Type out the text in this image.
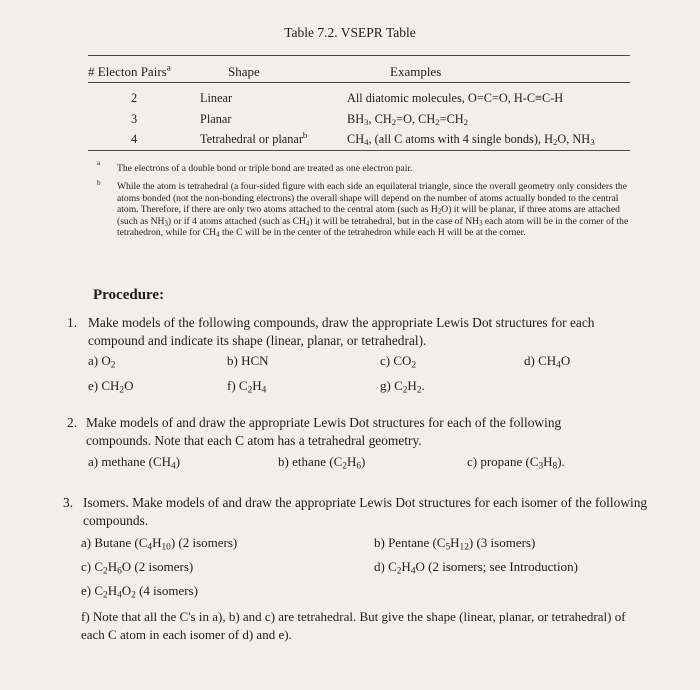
Table 7.2. VSEPR Table
# Electon Pairs$^a$	Shape	Examples
2	Linear	All diatomic molecules, O=C=O, H-C≡C-H
3	Planar	$BH_3$, $CH_2=O$, $CH_2=CH_2$
4	Tetrahedral or planar$^b$	$CH_4$, (all C atoms with 4 single bonds), $H_2O$, $NH_3$
a The electrons of a double bond or triple bond are treated as one electron pair.
b While the atom is tetrahedral (a four-sided figure with each side an equilateral triangle, since the overall geometry only considers the atoms bonded (not the non-bonding electrons) the overall shape will depend on the number of atoms actually bonded to the central atom. Therefore, if there are only two atoms attached to the central atom (such as $H_2O$) it will be planar, if three atoms are attached (such as $NH_3$) or if 4 atoms attached (such as $CH_4$) it will be tetrahedral, but in the case of $NH_3$ each atom will be in the corner of the tetrahedron, while for $CH_4$ the C will be in the center of the tetrahedron while each H will be at the corner.
Procedure:
1. Make models of the following compounds, draw the appropriate Lewis Dot structures for each compound and indicate its shape (linear, planar, or tetrahedral).
a) $O_2$	b) HCN	c) $CO_2$	d) $CH_4O$
e) $CH_2O$	f) $C_2H_4$	g) $C_2H_2$.
2. Make models of and draw the appropriate Lewis Dot structures for each of the following compounds. Note that each C atom has a tetrahedral geometry.
a) methane $(CH_4)$	b) ethane $(C_2H_6)$	c) propane $(C_3H_8)$.
3. Isomers. Make models of and draw the appropriate Lewis Dot structures for each isomer of the following compounds.
a) Butane $(C_4H_{10})$ (2 isomers)	b) Pentane $(C_5H_{12})$ (3 isomers)
c) $C_2H_6O$ (2 isomers)	d) $C_2H_4O$ (2 isomers; see Introduction)
e) $C_2H_4O_2$ (4 isomers)
f) Note that all the C's in a), b) and c) are tetrahedral. But give the shape (linear, planar, or tetrahedral) of each C atom in each isomer of d) and e).
